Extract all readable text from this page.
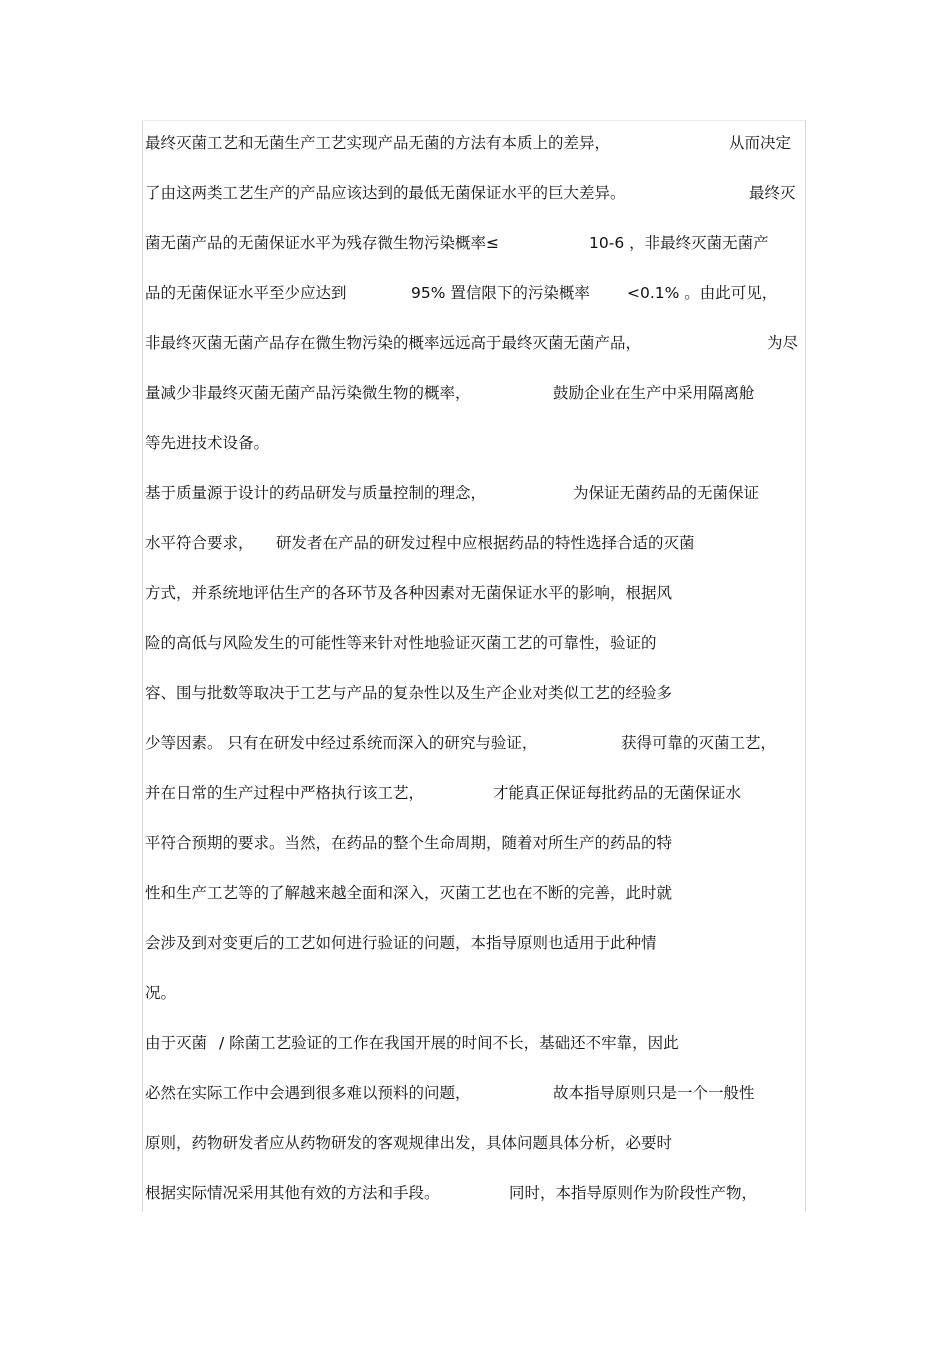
最终灭菌工艺和无菌生产工艺实现产品无菌的方法有本质上的差异，	从而决定
了由这两类工艺生产的产品应该达到的最低无菌保证水平的巨大差异。	最终灭
菌无菌产品的无菌保证水平为残存微生物污染概率≤	10-6 ，非最终灭菌无菌产
品的无菌保证水平至少应达到	95% 置信限下的污染概率 <0.1% 。由此可见，
非最终灭菌无菌产品存在微生物污染的概率远远高于最终灭菌无菌产品，	为尽
量减少非最终灭菌无菌产品污染微生物的概率，	鼓励企业在生产中采用隔离舱
等先进技术设备。
基于质量源于设计的药品研发与质量控制的理念，	为保证无菌药品的无菌保证
水平符合要求， 研发者在产品的研发过程中应根据药品的特性选择合适的灭菌
方式，并系统地评估生产的各环节及各种因素对无菌保证水平的影响，根据风
险的高低与风险发生的可能性等来针对性地验证灭菌工艺的可靠性，验证的
容、围与批数等取决于工艺与产品的复杂性以及生产企业对类似工艺的经验多
少等因素。 只有在研发中经过系统而深入的研究与验证，	获得可靠的灭菌工艺，
并在日常的生产过程中严格执行该工艺，	才能真正保证每批药品的无菌保证水
平符合预期的要求。当然，在药品的整个生命周期，随着对所生产的药品的特
性和生产工艺等的了解越来越全面和深入，灭菌工艺也在不断的完善，此时就
会涉及到对变更后的工艺如何进行验证的问题，本指导原则也适用于此种情
况。
由于灭菌 / 除菌工艺验证的工作在我国开展的时间不长，基础还不牢靠，因此
必然在实际工作中会遇到很多难以预料的问题，	故本指导原则只是一个一般性
原则，药物研发者应从药物研发的客观规律出发，具体问题具体分析，必要时
根据实际情况采用其他有效的方法和手段。	同时，本指导原则作为阶段性产物，
